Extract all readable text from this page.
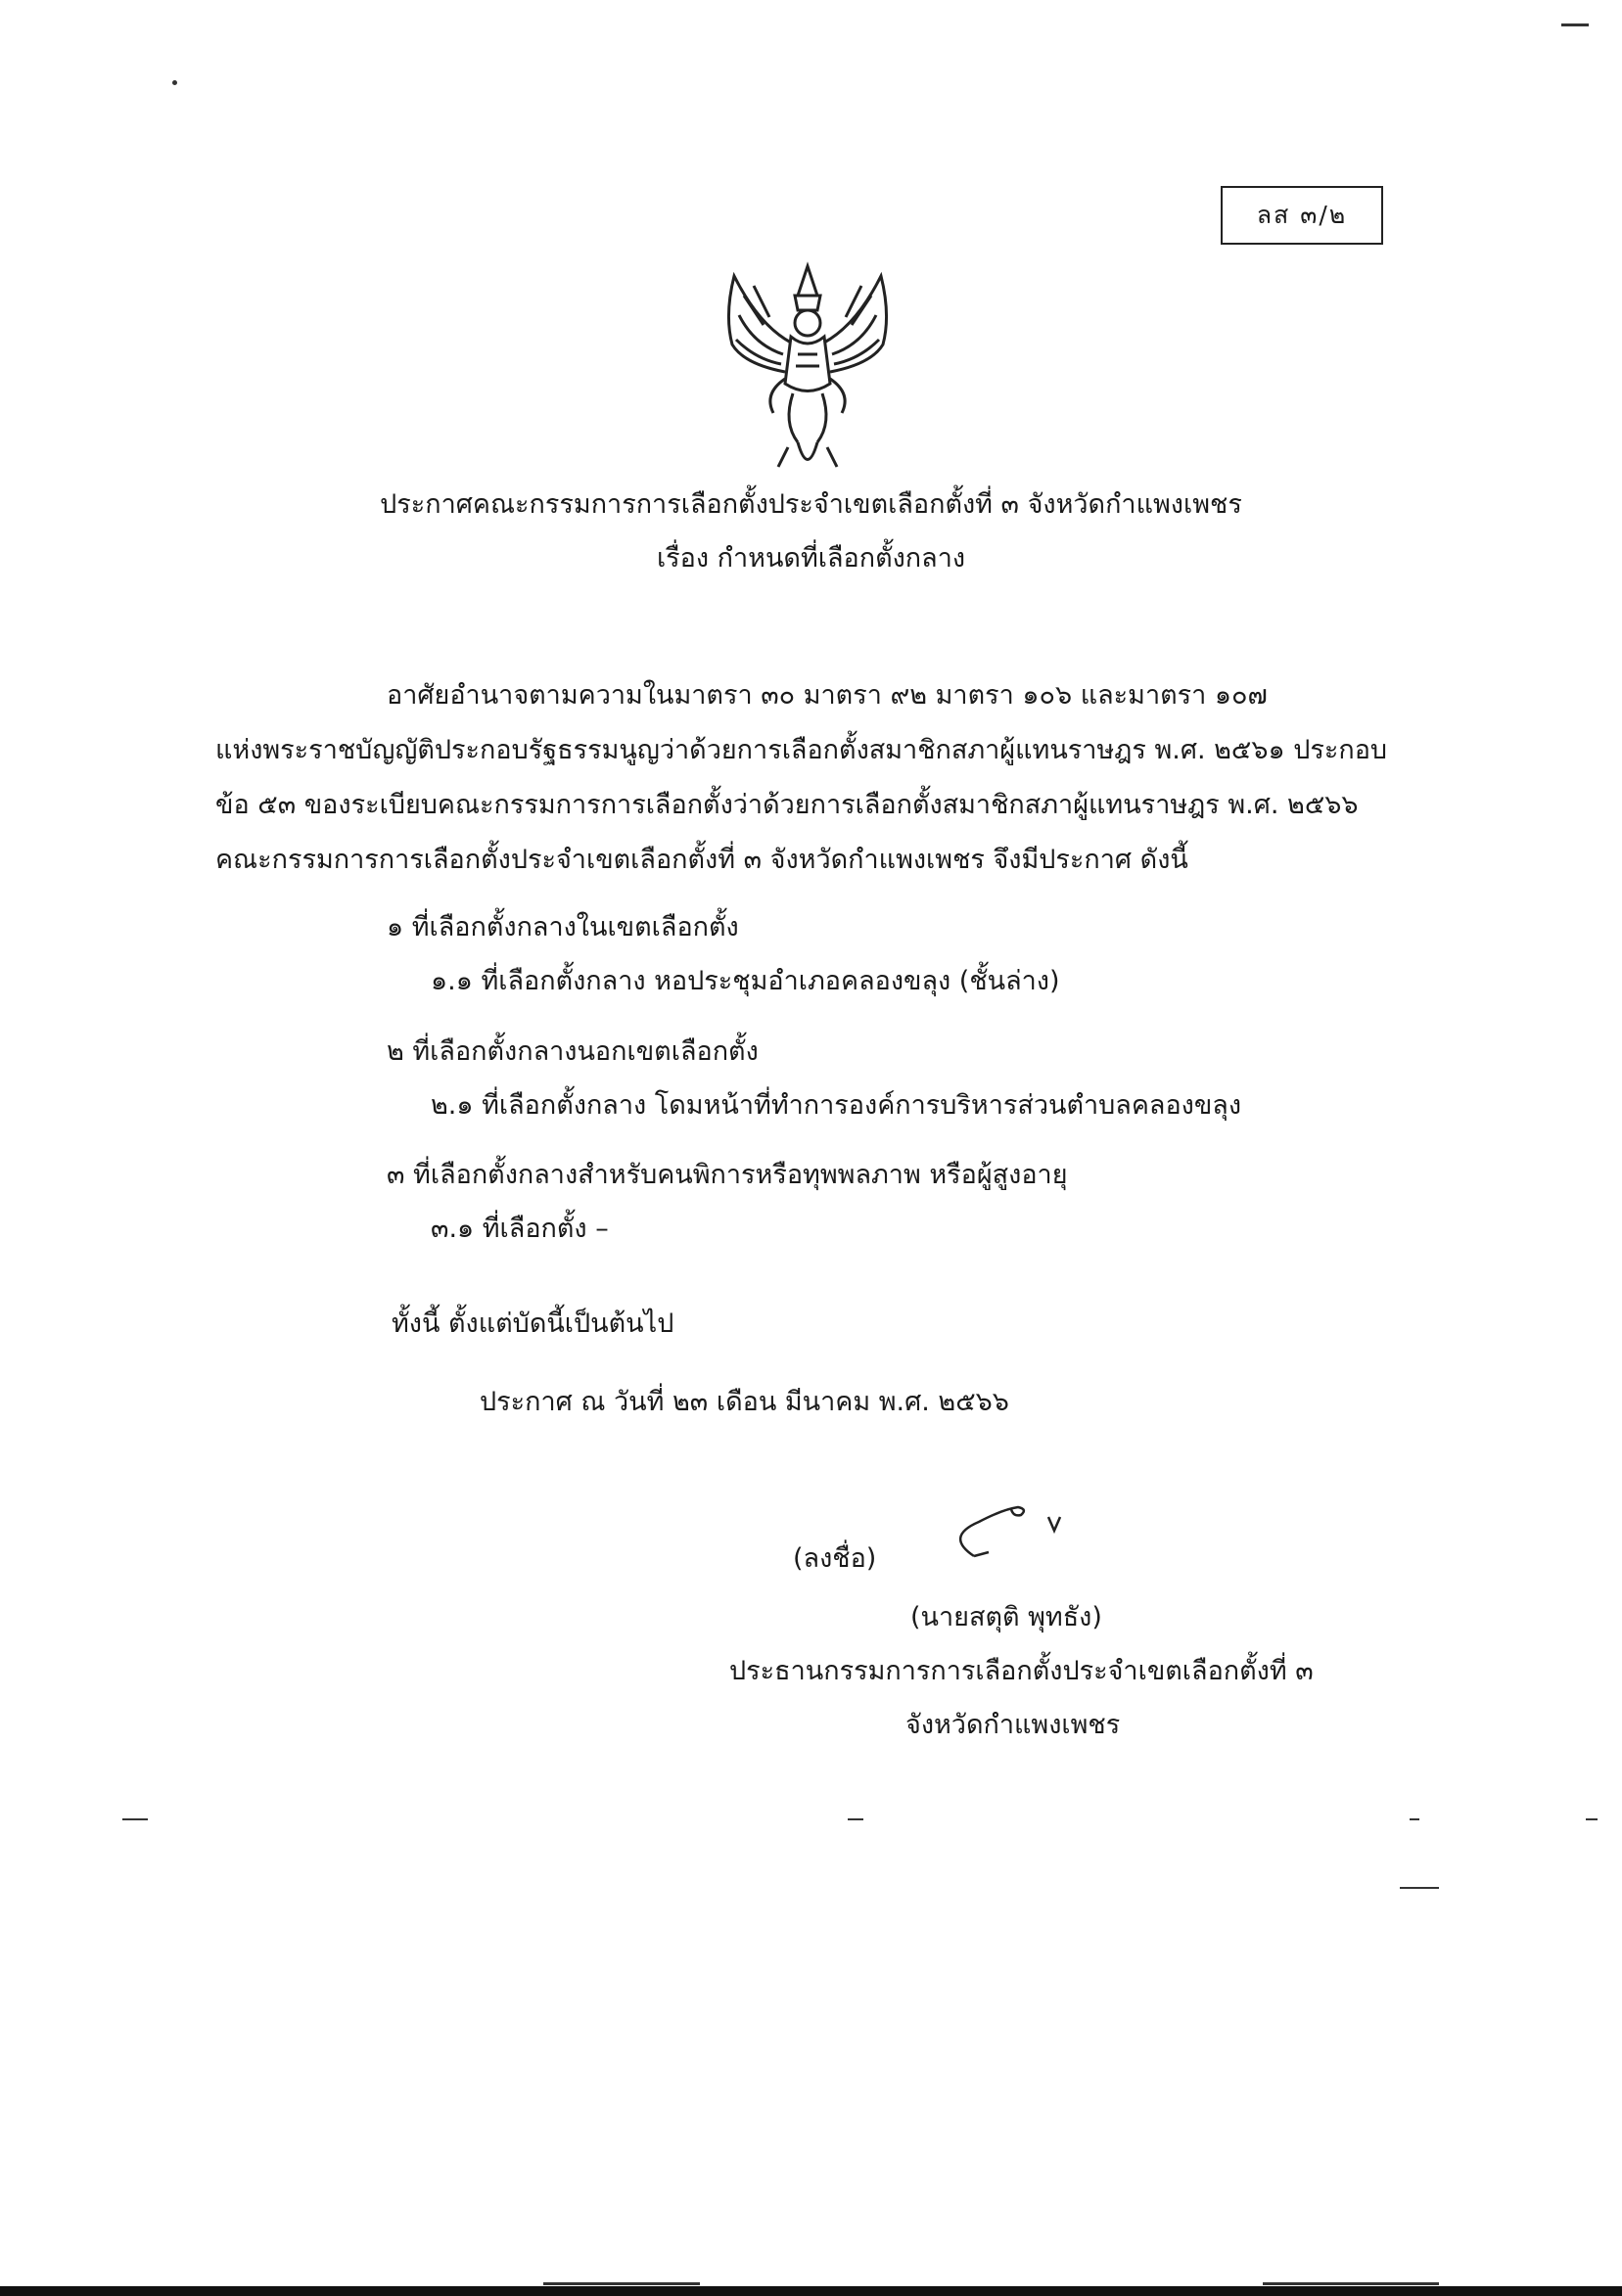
ลส ๓/๒
ประกาศคณะกรรมการการเลือกตั้งประจำเขตเลือกตั้งที่ ๓ จังหวัดกำแพงเพชร
เรื่อง กำหนดที่เลือกตั้งกลาง
อาศัยอำนาจตามความในมาตรา ๓๐ มาตรา ๙๒ มาตรา ๑๐๖ และมาตรา ๑๐๗
แห่งพระราชบัญญัติประกอบรัฐธรรมนูญว่าด้วยการเลือกตั้งสมาชิกสภาผู้แทนราษฎร พ.ศ. ๒๕๖๑ ประกอบ
ข้อ ๕๓ ของระเบียบคณะกรรมการการเลือกตั้งว่าด้วยการเลือกตั้งสมาชิกสภาผู้แทนราษฎร พ.ศ. ๒๕๖๖
คณะกรรมการการเลือกตั้งประจำเขตเลือกตั้งที่ ๓ จังหวัดกำแพงเพชร จึงมีประกาศ ดังนี้
๑ ที่เลือกตั้งกลางในเขตเลือกตั้ง
๑.๑ ที่เลือกตั้งกลาง หอประชุมอำเภอคลองขลุง (ชั้นล่าง)
๒ ที่เลือกตั้งกลางนอกเขตเลือกตั้ง
๒.๑ ที่เลือกตั้งกลาง โดมหน้าที่ทำการองค์การบริหารส่วนตำบลคลองขลุง
๓ ที่เลือกตั้งกลางสำหรับคนพิการหรือทุพพลภาพ หรือผู้สูงอายุ
๓.๑ ที่เลือกตั้ง –
ทั้งนี้ ตั้งแต่บัดนี้เป็นต้นไป
ประกาศ ณ วันที่ ๒๓ เดือน มีนาคม พ.ศ. ๒๕๖๖
(ลงชื่อ)
(นายสตุติ พุทธัง)
ประธานกรรมการการเลือกตั้งประจำเขตเลือกตั้งที่ ๓
จังหวัดกำแพงเพชร
